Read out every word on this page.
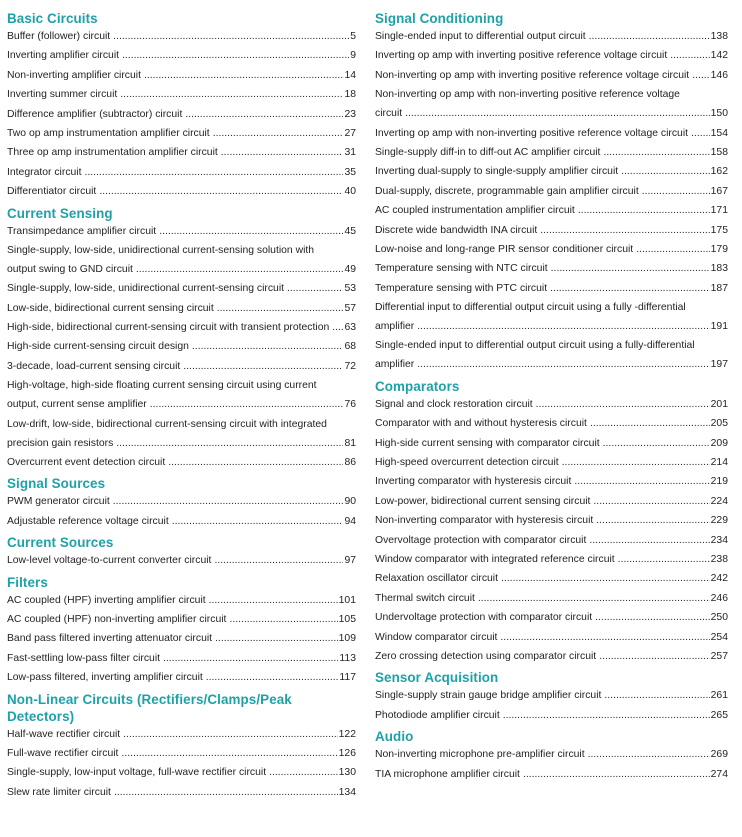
Basic Circuits
Buffer (follower) circuit .....	5
Inverting amplifier circuit .....	9
Non-inverting amplifier circuit .....	14
Inverting summer circuit .....	18
Difference amplifier (subtractor) circuit .....	23
Two op amp instrumentation amplifier circuit .....	27
Three op amp instrumentation amplifier circuit .....	31
Integrator circuit .....	35
Differentiator circuit .....	40
Current Sensing
Transimpedance amplifier circuit .....	45
Single-supply, low-side, unidirectional current-sensing solution with
output swing to GND circuit .....	49
Single-supply, low-side, unidirectional current-sensing circuit .....	53
Low-side, bidirectional current sensing circuit .....	57
High-side, bidirectional current-sensing circuit with transient protection ..... 63
High-side current-sensing circuit design .....	68
3-decade, load-current sensing circuit .....	72
High-voltage, high-side floating current sensing circuit using current
output, current sense amplifier .....	76
Low-drift, low-side, bidirectional current-sensing circuit with integrated
precision gain resistors .....	81
Overcurrent event detection circuit .....	86
Signal Sources
PWM generator circuit .....	90
Adjustable reference voltage circuit .....	94
Current Sources
Low-level voltage-to-current converter circuit .....	97
Filters
AC coupled (HPF) inverting amplifier circuit .....	101
AC coupled (HPF) non-inverting amplifier circuit .....	105
Band pass filtered inverting attenuator circuit .....	109
Fast-settling low-pass filter circuit .....	113
Low-pass filtered, inverting amplifier circuit .....	117
Non-Linear Circuits (Rectifiers/Clamps/Peak Detectors)
Half-wave rectifier circuit .....	122
Full-wave rectifier circuit .....	126
Single-supply, low-input voltage, full-wave rectifier circuit .....	130
Slew rate limiter circuit .....	134
Signal Conditioning
Single-ended input to differential output circuit .....	138
Inverting op amp with inverting positive reference voltage circuit .....	142
Non-inverting op amp with inverting positive reference voltage circuit ..... 146
Non-inverting op amp with non-inverting positive reference voltage
circuit .....	150
Inverting op amp with non-inverting positive reference voltage circuit ..... 154
Single-supply diff-in to diff-out AC amplifier circuit .....	158
Inverting dual-supply to single-supply amplifier circuit .....	162
Dual-supply, discrete, programmable gain amplifier circuit .....	167
AC coupled instrumentation amplifier circuit .....	171
Discrete wide bandwidth INA circuit .....	175
Low-noise and long-range PIR sensor conditioner circuit .....	179
Temperature sensing with NTC circuit .....	183
Temperature sensing with PTC circuit .....	187
Differential input to differential output circuit using a fully -differential
amplifier .....	191
Single-ended input to differential output circuit using a fully-differential
amplifier .....	197
Comparators
Signal and clock restoration circuit .....	201
Comparator with and without hysteresis circuit .....	205
High-side current sensing with comparator circuit .....	209
High-speed overcurrent detection circuit .....	214
Inverting comparator with hysteresis circuit .....	219
Low-power, bidirectional current sensing circuit .....	224
Non-inverting comparator with hysteresis circuit .....	229
Overvoltage protection with comparator circuit .....	234
Window comparator with integrated reference circuit .....	238
Relaxation oscillator circuit .....	242
Thermal switch circuit .....	246
Undervoltage protection with comparator circuit .....	250
Window comparator circuit .....	254
Zero crossing detection using comparator circuit .....	257
Sensor Acquisition
Single-supply strain gauge bridge amplifier circuit .....	261
Photodiode amplifier circuit .....	265
Audio
Non-inverting microphone pre-amplifier circuit .....	269
TIA microphone amplifier circuit .....	274
